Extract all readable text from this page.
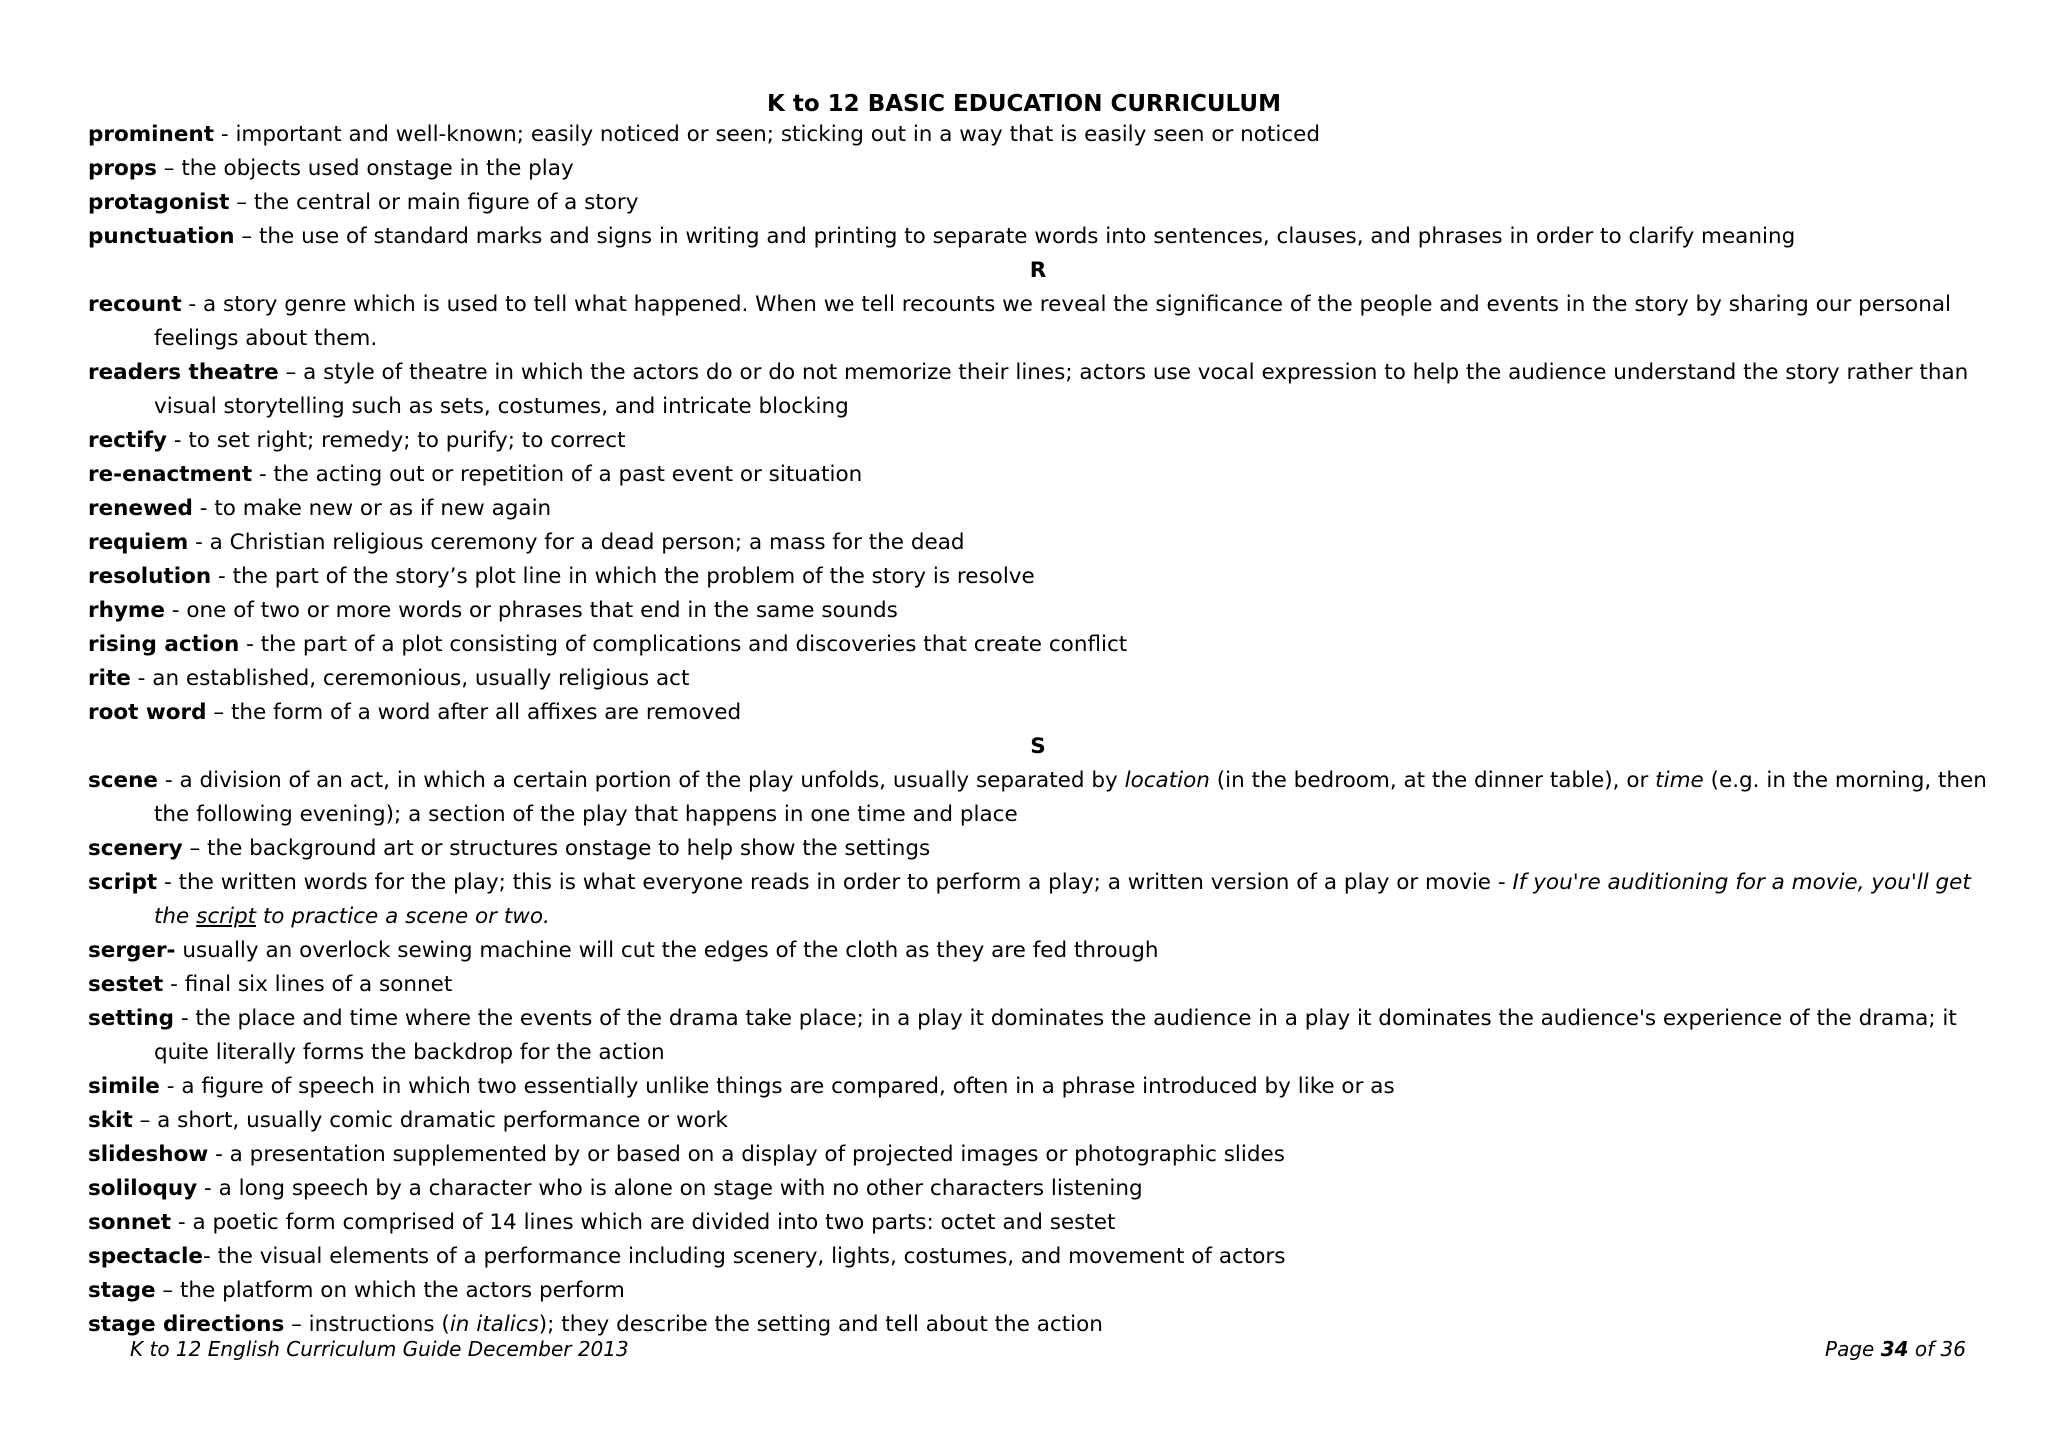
K to 12 BASIC EDUCATION CURRICULUM

prominent - important and well-known; easily noticed or seen; sticking out in a way that is easily seen or noticed

props – the objects used onstage in the play

protagonist – the central or main figure of a story

punctuation – the use of standard marks and signs in writing and printing to separate words into sentences, clauses, and phrases in order to clarify meaning

R

recount - a story genre which is used to tell what happened. When we tell recounts we reveal the significance of the people and events in the story by sharing our personal feelings about them.

readers theatre – a style of theatre in which the actors do or do not memorize their lines; actors use vocal expression to help the audience understand the story rather than visual storytelling such as sets, costumes, and intricate blocking

rectify - to set right; remedy; to purify; to correct

re-enactment - the acting out or repetition of a past event or situation

renewed - to make new or as if new again

requiem - a Christian religious ceremony for a dead person; a mass for the dead

resolution - the part of the story’s plot line in which the problem of the story is resolve

rhyme - one of two or more words or phrases that end in the same sounds

rising action - the part of a plot consisting of complications and discoveries that create conflict

rite - an established, ceremonious, usually religious act

root word – the form of a word after all affixes are removed

S

scene - a division of an act, in which a certain portion of the play unfolds, usually separated by location (in the bedroom, at the dinner table), or time (e.g. in the morning, then the following evening); a section of the play that happens in one time and place

scenery – the background art or structures onstage to help show the settings

script - the written words for the play; this is what everyone reads in order to perform a play; a written version of a play or movie - If you're auditioning for a movie, you'll get the script to practice a scene or two.

serger- usually an overlock sewing machine will cut the edges of the cloth as they are fed through

sestet - final six lines of a sonnet

setting - the place and time where the events of the drama take place; in a play it dominates the audience in a play it dominates the audience's experience of the drama; it quite literally forms the backdrop for the action

simile - a figure of speech in which two essentially unlike things are compared, often in a phrase introduced by like or as

skit – a short, usually comic dramatic performance or work

slideshow - a presentation supplemented by or based on a display of projected images or photographic slides

soliloquy - a long speech by a character who is alone on stage with no other characters listening

sonnet - a poetic form comprised of 14 lines which are divided into two parts: octet and sestet

spectacle- the visual elements of a performance including scenery, lights, costumes, and movement of actors

stage – the platform on which the actors perform

stage directions – instructions (in italics); they describe the setting and tell about the action

K to 12 English Curriculum Guide December 2013	Page 34 of 36
